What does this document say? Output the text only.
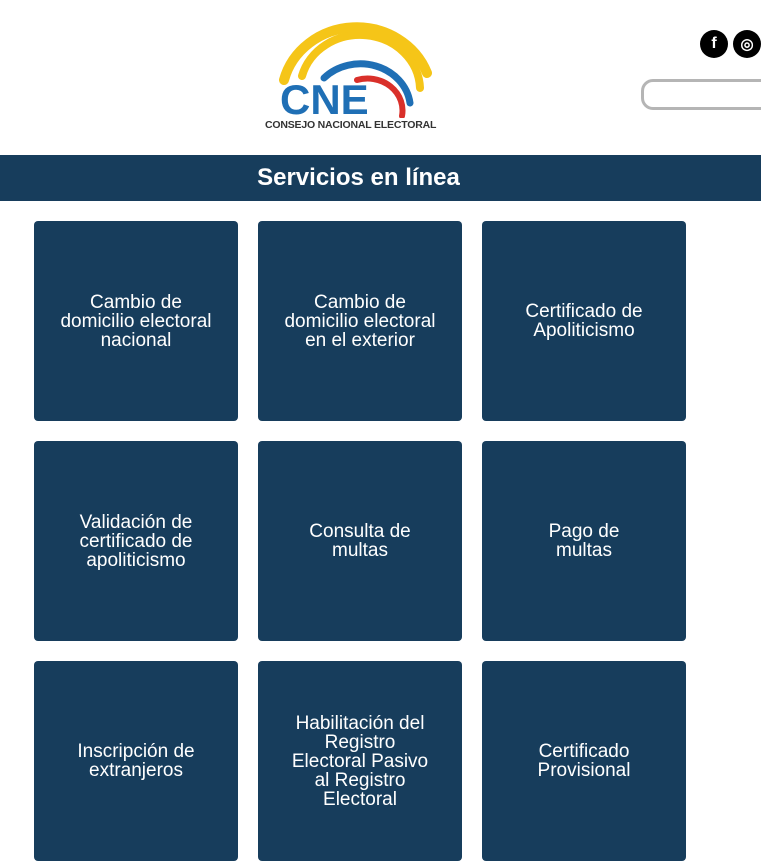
CNE
CONSEJO NACIONAL ELECTORAL
f	◎
Servicios en línea
Cambio de domicilio electoral nacional
Cambio de domicilio electoral en el exterior
Certificado de Apoliticismo
Validación de certificado de apoliticismo
Consulta de multas
Pago de multas
Inscripción de extranjeros
Habilitación del Registro Electoral Pasivo al Registro Electoral
Certificado Provisional
